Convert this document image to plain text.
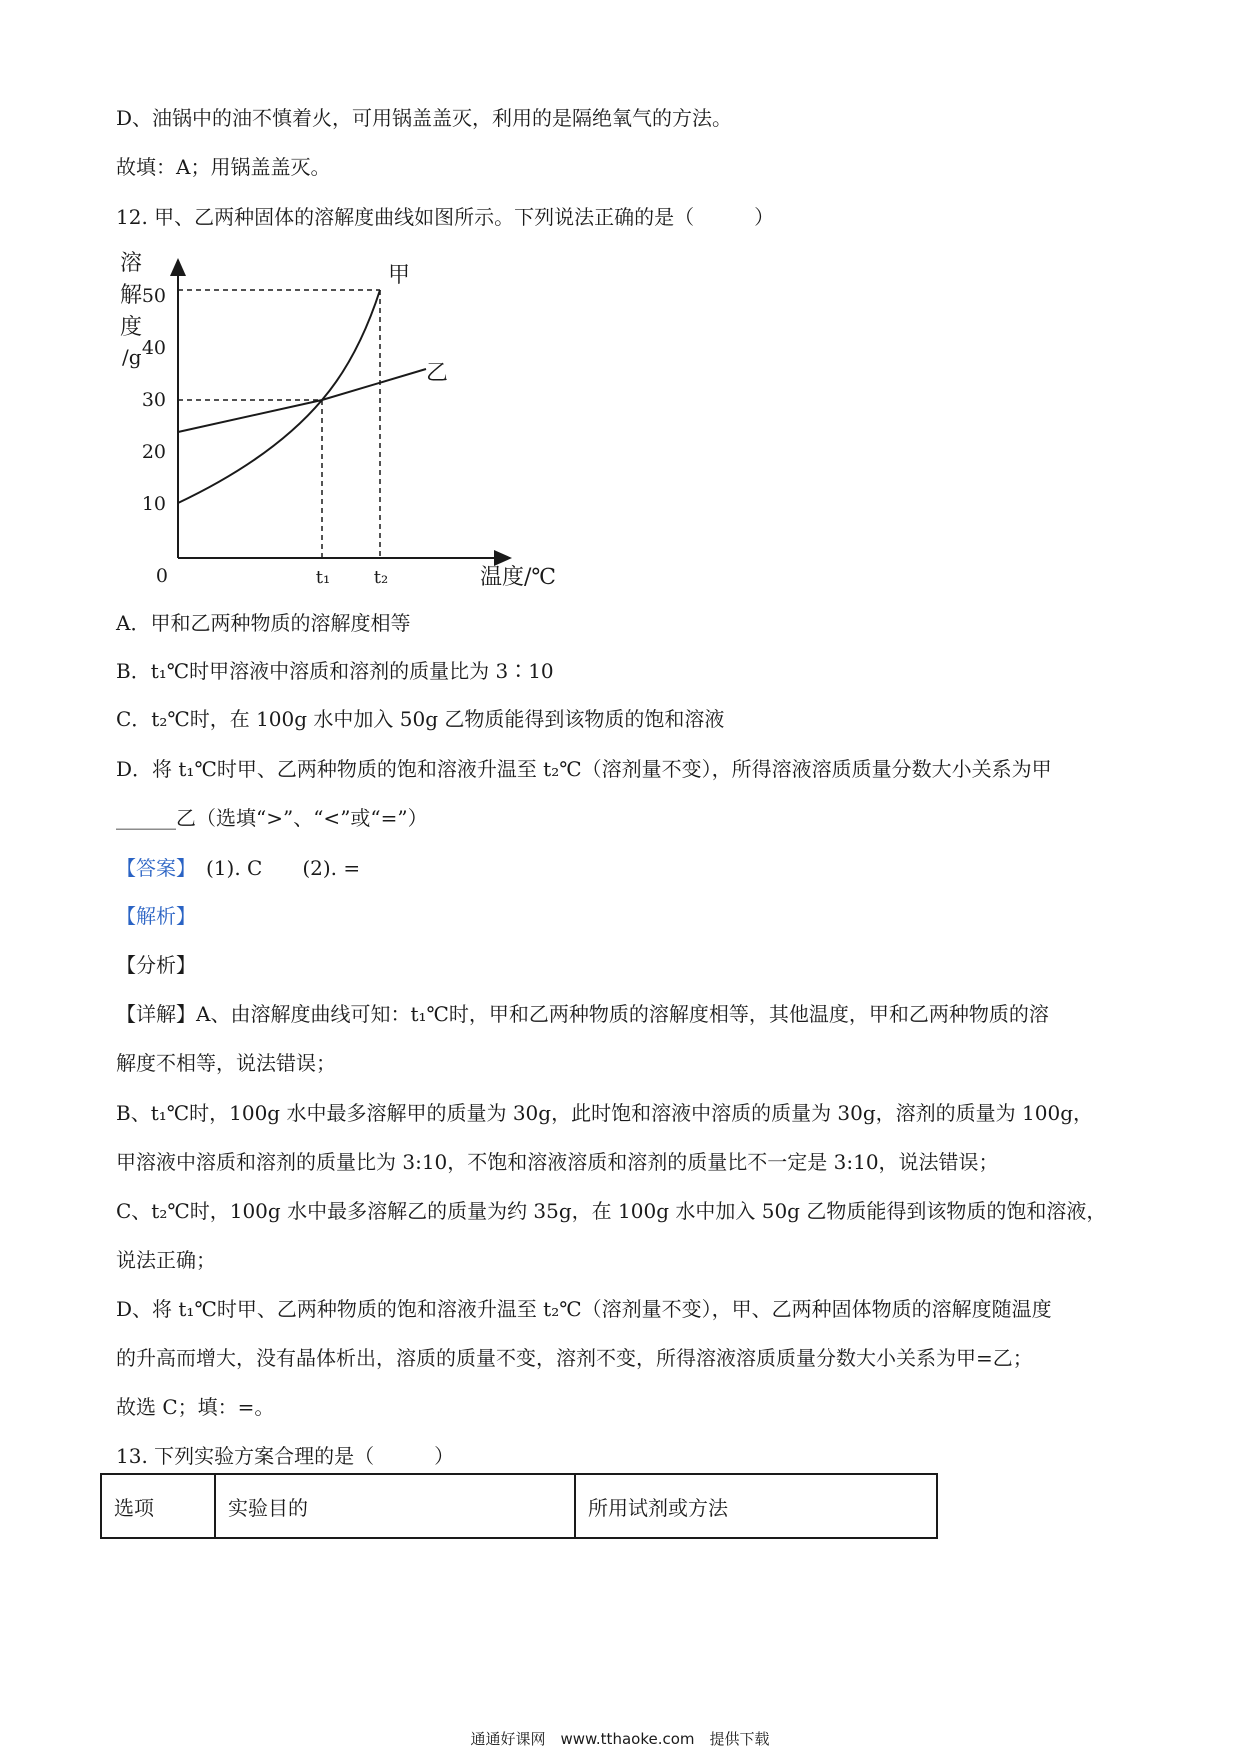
D、油锅中的油不慎着火，可用锅盖盖灭，利用的是隔绝氧气的方法。

故填：A；用锅盖盖灭。

12. 甲、乙两种固体的溶解度曲线如图所示。下列说法正确的是（　　　）

溶
解
度
/g
10
20
30
40
50
0	t₁ t₂	温度/℃
甲
乙

A．甲和乙两种物质的溶解度相等

B．t₁℃时甲溶液中溶质和溶剂的质量比为 3∶10

C．t₂℃时，在 100g 水中加入 50g 乙物质能得到该物质的饱和溶液

D．将 t₁℃时甲、乙两种物质的饱和溶液升温至 t₂℃（溶剂量不变），所得溶液溶质质量分数大小关系为甲

______乙（选填“>”、“<”或“=”）

【答案】　(1). C　　(2). =

【解析】

【分析】

【详解】A、由溶解度曲线可知：t₁℃时，甲和乙两种物质的溶解度相等，其他温度，甲和乙两种物质的溶

解度不相等，说法错误；

B、t₁℃时，100g 水中最多溶解甲的质量为 30g，此时饱和溶液中溶质的质量为 30g，溶剂的质量为 100g，

甲溶液中溶质和溶剂的质量比为 3:10，不饱和溶液溶质和溶剂的质量比不一定是 3:10，说法错误；

C、t₂℃时，100g 水中最多溶解乙的质量为约 35g，在 100g 水中加入 50g 乙物质能得到该物质的饱和溶液，

说法正确；

D、将 t₁℃时甲、乙两种物质的饱和溶液升温至 t₂℃（溶剂量不变），甲、乙两种固体物质的溶解度随温度

的升高而增大，没有晶体析出，溶质的质量不变，溶剂不变，所得溶液溶质质量分数大小关系为甲=乙；

故选 C；填：=。

13. 下列实验方案合理的是（　　　）

选项	实验目的	所用试剂或方法
通通好课网　www.tthaoke.com　提供下载
